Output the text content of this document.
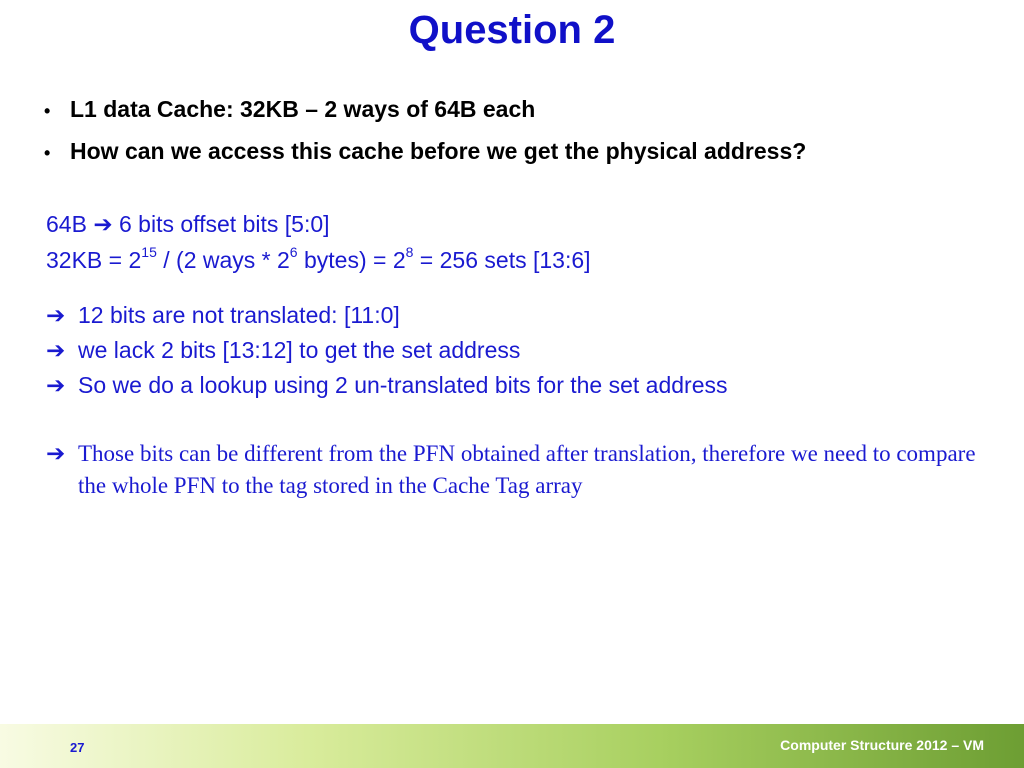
Question 2
• L1 data Cache: 32KB – 2 ways of 64B each
• How can we access this cache before we get the physical address?
64B ➔ 6 bits offset bits [5:0]
$32KB = 2^{15} / (2$ ways * $2^6$ bytes) = $2^8 = 256$ sets [13:6]
➔ 12 bits are not translated: [11:0]
➔ we lack 2 bits [13:12] to get the set address
➔ So we do a lookup using 2 un-translated bits for the set address
➔ Those bits can be different from the PFN obtained after translation, therefore we need to compare the whole PFN to the tag stored in the Cache Tag array
27	Computer Structure 2012 – VM
